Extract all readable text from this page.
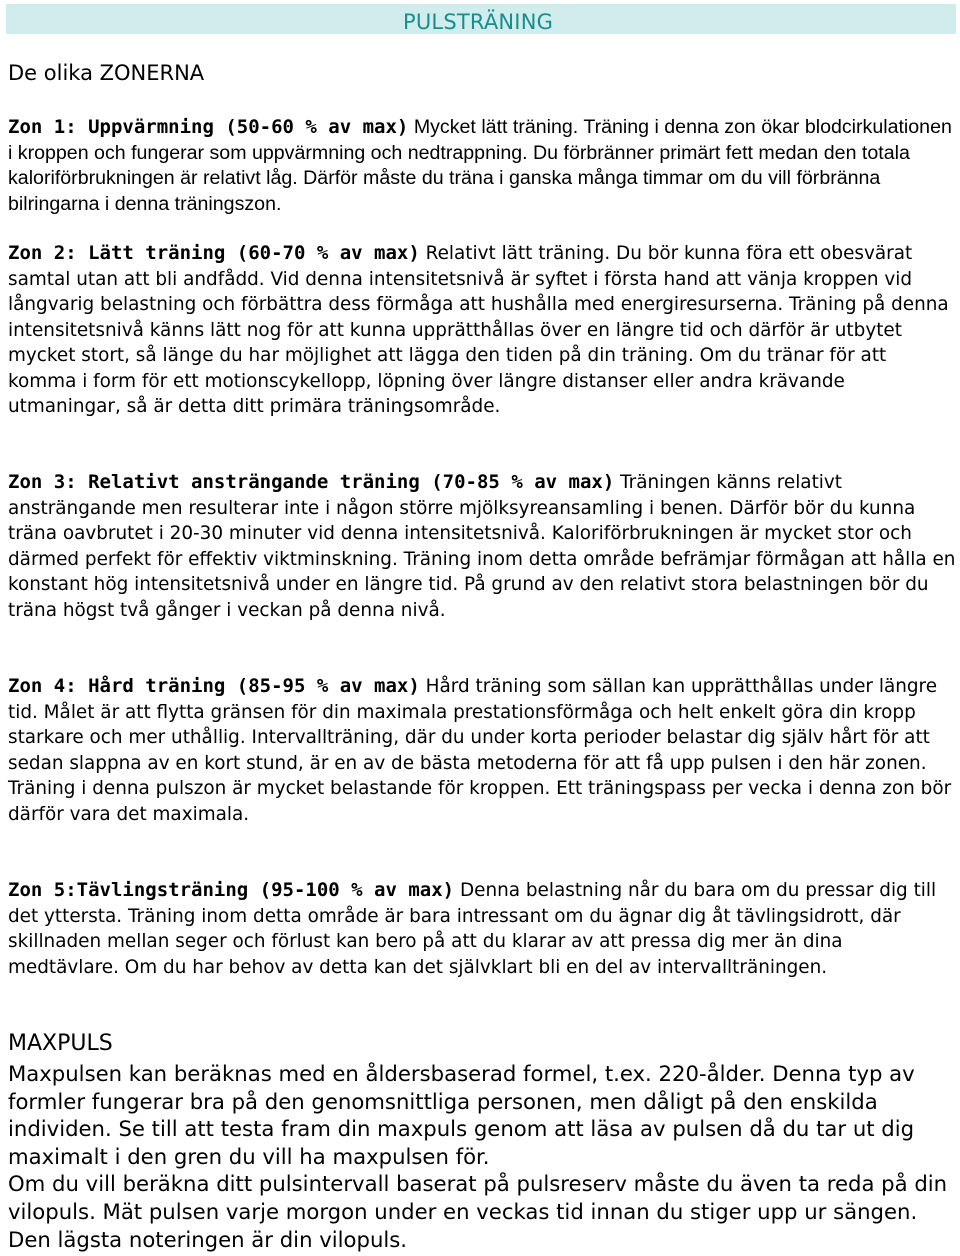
PULSTRÄNING
De olika ZONERNA

Zon 1: Uppvärmning (50-60 % av max) Mycket lätt träning. Träning i denna zon ökar blodcirkulationen i kroppen och fungerar som uppvärmning och nedtrappning. Du förbränner primärt fett medan den totala kaloriförbrukningen är relativt låg. Därför måste du träna i ganska många timmar om du vill förbränna bilringarna i denna träningszon.

Zon 2: Lätt träning (60-70 % av max) Relativt lätt träning. Du bör kunna föra ett obesvärat samtal utan att bli andfådd. Vid denna intensitetsnivå är syftet i första hand att vänja kroppen vid långvarig belastning och förbättra dess förmåga att hushålla med energiresurserna. Träning på denna intensitetsnivå känns lätt nog för att kunna upprätthållas över en längre tid och därför är utbytet mycket stort, så länge du har möjlighet att lägga den tiden på din träning. Om du tränar för att komma i form för ett motionscykellopp, löpning över längre distanser eller andra krävande utmaningar, så är detta ditt primära träningsområde.

Zon 3: Relativt ansträngande träning (70-85 % av max) Träningen känns relativt ansträngande men resulterar inte i någon större mjölksyreansamling i benen. Därför bör du kunna träna oavbrutet i 20-30 minuter vid denna intensitetsnivå. Kaloriförbrukningen är mycket stor och därmed perfekt för effektiv viktminskning. Träning inom detta område befrämjar förmågan att hålla en konstant hög intensitetsnivå under en längre tid. På grund av den relativt stora belastningen bör du träna högst två gånger i veckan på denna nivå.

Zon 4: Hård träning (85-95 % av max) Hård träning som sällan kan upprätthållas under längre tid. Målet är att flytta gränsen för din maximala prestationsförmåga och helt enkelt göra din kropp starkare och mer uthållig. Intervallträning, där du under korta perioder belastar dig själv hårt för att sedan slappna av en kort stund, är en av de bästa metoderna för att få upp pulsen i den här zonen. Träning i denna pulszon är mycket belastande för kroppen. Ett träningspass per vecka i denna zon bör därför vara det maximala.

Zon 5:Tävlingsträning (95-100 % av max) Denna belastning når du bara om du pressar dig till det yttersta. Träning inom detta område är bara intressant om du ägnar dig åt tävlingsidrott, där skillnaden mellan seger och förlust kan bero på att du klarar av att pressa dig mer än dina medtävlare. Om du har behov av detta kan det självklart bli en del av intervallträningen.

MAXPULS
Maxpulsen kan beräknas med en åldersbaserad formel, t.ex. 220-ålder. Denna typ av formler fungerar bra på den genomsnittliga personen, men dåligt på den enskilda individen. Se till att testa fram din maxpuls genom att läsa av pulsen då du tar ut dig maximalt i den gren du vill ha maxpulsen för.
Om du vill beräkna ditt pulsintervall baserat på pulsreserv måste du även ta reda på din vilopuls. Mät pulsen varje morgon under en veckas tid innan du stiger upp ur sängen. Den lägsta noteringen är din vilopuls.
